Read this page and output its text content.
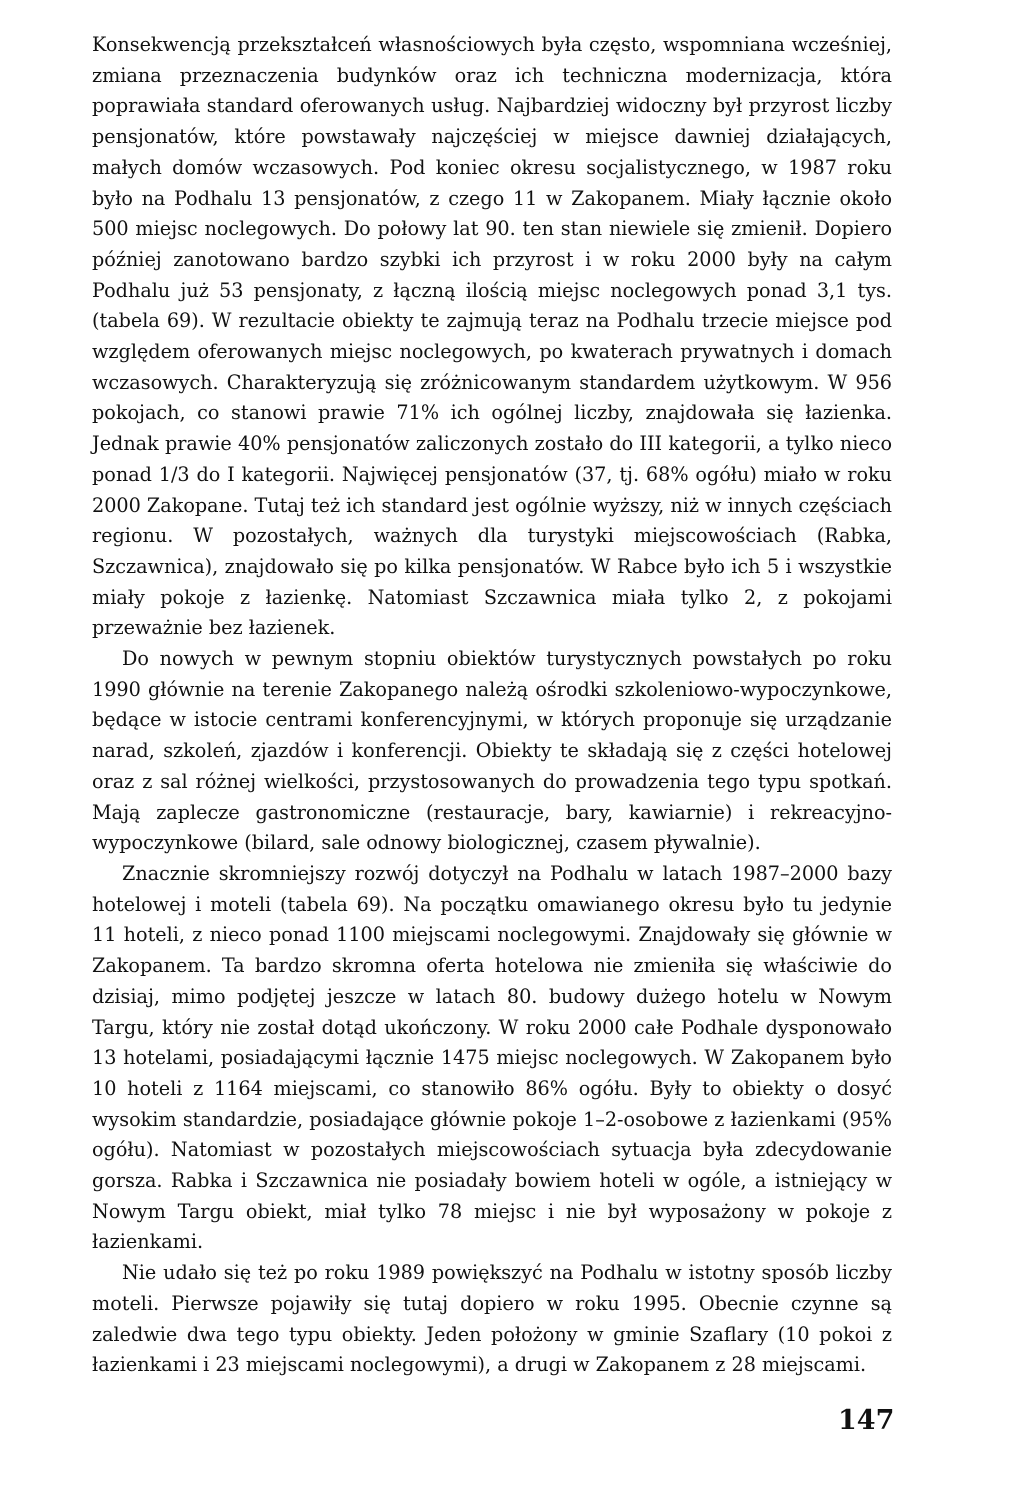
Konsekwencją przekształceń własnościowych była często, wspomniana wcześniej, zmiana przeznaczenia budynków oraz ich techniczna modernizacja, która poprawiała standard oferowanych usług. Najbardziej widoczny był przyrost liczby pensjonatów, które powstawały najczęściej w miejsce dawniej działających, małych domów wczasowych. Pod koniec okresu socjalistycznego, w 1987 roku było na Podhalu 13 pensjonatów, z czego 11 w Zakopanem. Miały łącznie około 500 miejsc noclegowych. Do połowy lat 90. ten stan niewiele się zmienił. Dopiero później zanotowano bardzo szybki ich przyrost i w roku 2000 były na całym Podhalu już 53 pensjonaty, z łączną ilością miejsc noclegowych ponad 3,1 tys. (tabela 69). W rezultacie obiekty te zajmują teraz na Podhalu trzecie miejsce pod względem oferowanych miejsc noclegowych, po kwaterach prywatnych i domach wczasowych. Charakteryzują się zróżnicowanym standardem użytkowym. W 956 pokojach, co stanowi prawie 71% ich ogólnej liczby, znajdowała się łazienka. Jednak prawie 40% pensjonatów zaliczonych zostało do III kategorii, a tylko nieco ponad 1/3 do I kategorii. Najwięcej pensjonatów (37, tj. 68% ogółu) miało w roku 2000 Zakopane. Tutaj też ich standard jest ogólnie wyższy, niż w innych częściach regionu. W pozostałych, ważnych dla turystyki miejscowościach (Rabka, Szczawnica), znajdowało się po kilka pensjonatów. W Rabce było ich 5 i wszystkie miały pokoje z łazienkę. Natomiast Szczawnica miała tylko 2, z pokojami przeważnie bez łazienek.

Do nowych w pewnym stopniu obiektów turystycznych powstałych po roku 1990 głównie na terenie Zakopanego należą ośrodki szkoleniowo-wypoczynkowe, będące w istocie centrami konferencyjnymi, w których proponuje się urządzanie narad, szkoleń, zjazdów i konferencji. Obiekty te składają się z części hotelowej oraz z sal różnej wielkości, przystosowanych do prowadzenia tego typu spotkań. Mają zaplecze gastronomiczne (restauracje, bary, kawiarnie) i rekreacyjno-wypoczynkowe (bilard, sale odnowy biologicznej, czasem pływalnie).

Znacznie skromniejszy rozwój dotyczył na Podhalu w latach 1987–2000 bazy hotelowej i moteli (tabela 69). Na początku omawianego okresu było tu jedynie 11 hoteli, z nieco ponad 1100 miejscami noclegowymi. Znajdowały się głównie w Zakopanem. Ta bardzo skromna oferta hotelowa nie zmieniła się właściwie do dzisiaj, mimo podjętej jeszcze w latach 80. budowy dużego hotelu w Nowym Targu, który nie został dotąd ukończony. W roku 2000 całe Podhale dysponowało 13 hotelami, posiadającymi łącznie 1475 miejsc noclegowych. W Zakopanem było 10 hoteli z 1164 miejscami, co stanowiło 86% ogółu. Były to obiekty o dosyć wysokim standardzie, posiadające głównie pokoje 1–2-osobowe z łazienkami (95% ogółu). Natomiast w pozostałych miejscowościach sytuacja była zdecydowanie gorsza. Rabka i Szczawnica nie posiadały bowiem hoteli w ogóle, a istniejący w Nowym Targu obiekt, miał tylko 78 miejsc i nie był wyposażony w pokoje z łazienkami.

Nie udało się też po roku 1989 powiększyć na Podhalu w istotny sposób liczby moteli. Pierwsze pojawiły się tutaj dopiero w roku 1995. Obecnie czynne są zaledwie dwa tego typu obiekty. Jeden położony w gminie Szaflary (10 pokoi z łazienkami i 23 miejscami noclegowymi), a drugi w Zakopanem z 28 miejscami.

147
